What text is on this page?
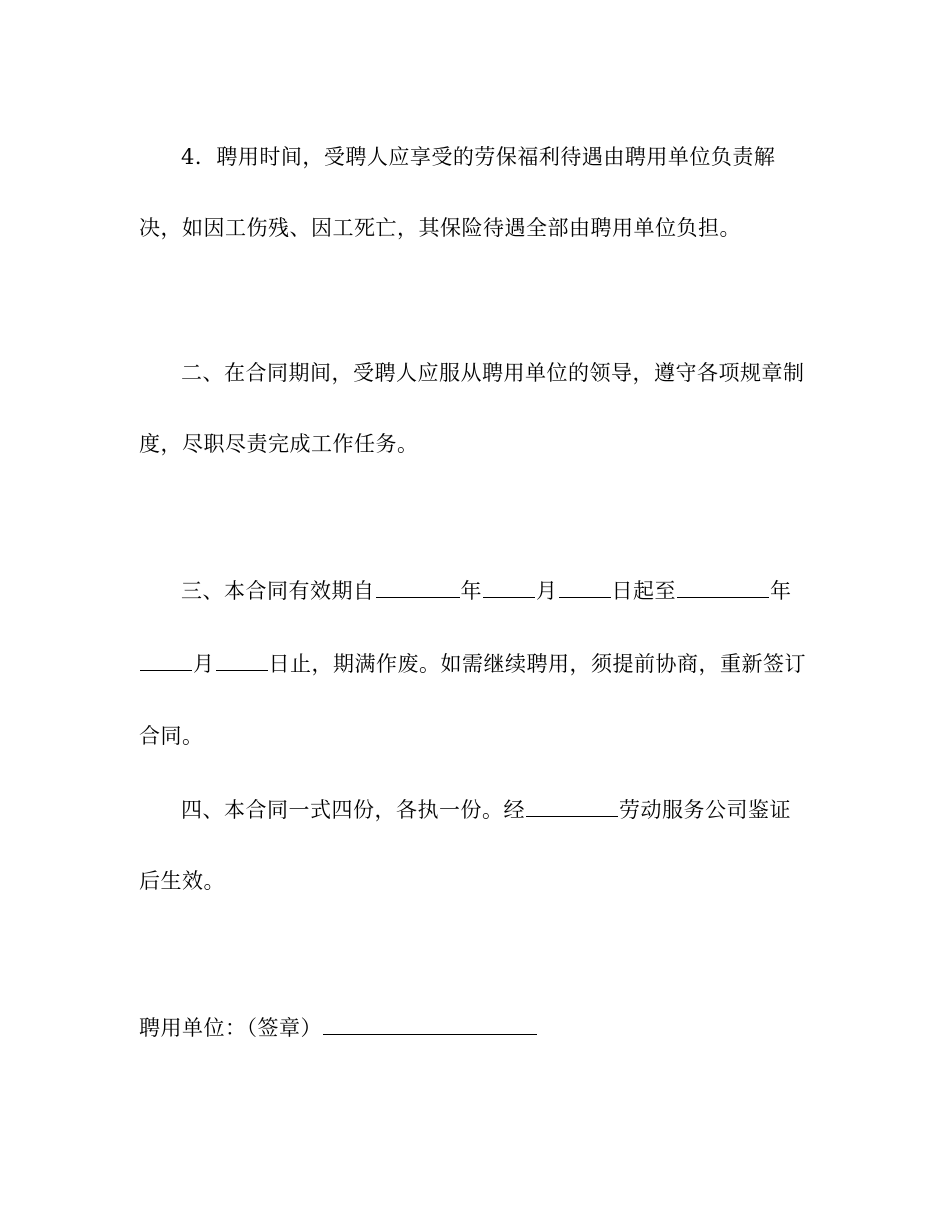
4．聘用时间，受聘人应享受的劳保福利待遇由聘用单位负责解
决，如因工伤残、因工死亡，其保险待遇全部由聘用单位负担。
二、在合同期间，受聘人应服从聘用单位的领导，遵守各项规章制
度，尽职尽责完成工作任务。
三、本合同有效期自	年	月	日起至	年
月	日止，期满作废。如需继续聘用，须提前协商，重新签订
合同。
四、本合同一式四份，各执一份。经	劳动服务公司鉴证
后生效。
聘用单位：（签章）
